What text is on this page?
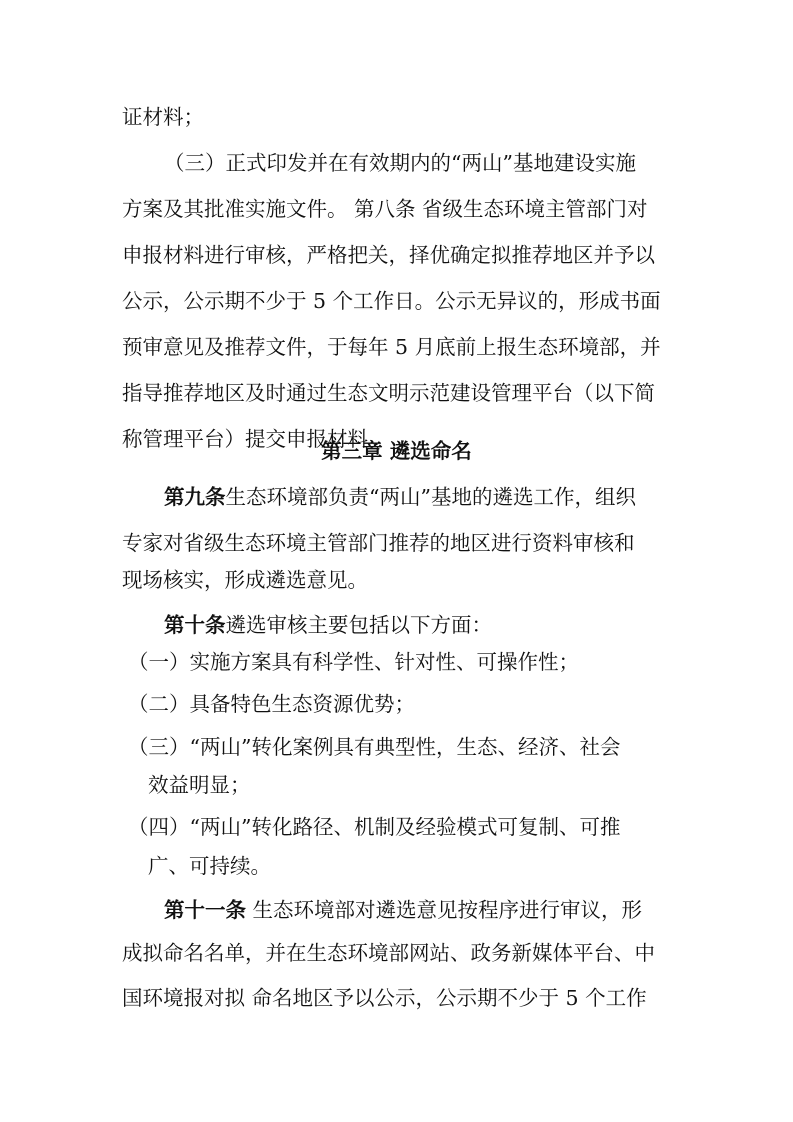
证材料；
（三）正式印发并在有效期内的“两山”基地建设实施
方案及其批准实施文件。 第八条 省级生态环境主管部门对
申报材料进行审核，严格把关，择优确定拟推荐地区并予以
公示，公示期不少于 5 个工作日。公示无异议的，形成书面
预审意见及推荐文件，于每年 5 月底前上报生态环境部，并
指导推荐地区及时通过生态文明示范建设管理平台（以下简
称管理平台）提交申报材料。
第三章 遴选命名
第九条生态环境部负责“两山”基地的遴选工作，组织
专家对省级生态环境主管部门推荐的地区进行资料审核和
现场核实，形成遴选意见。
第十条遴选审核主要包括以下方面：
（一）实施方案具有科学性、针对性、可操作性；
（二）具备特色生态资源优势；
（三）“两山”转化案例具有典型性，生态、经济、社会
效益明显；
（四）“两山”转化路径、机制及经验模式可复制、可推
广、可持续。
第十一条 生态环境部对遴选意见按程序进行审议，形
成拟命名名单，并在生态环境部网站、政务新媒体平台、中
国环境报对拟 命名地区予以公示，公示期不少于 5 个工作
